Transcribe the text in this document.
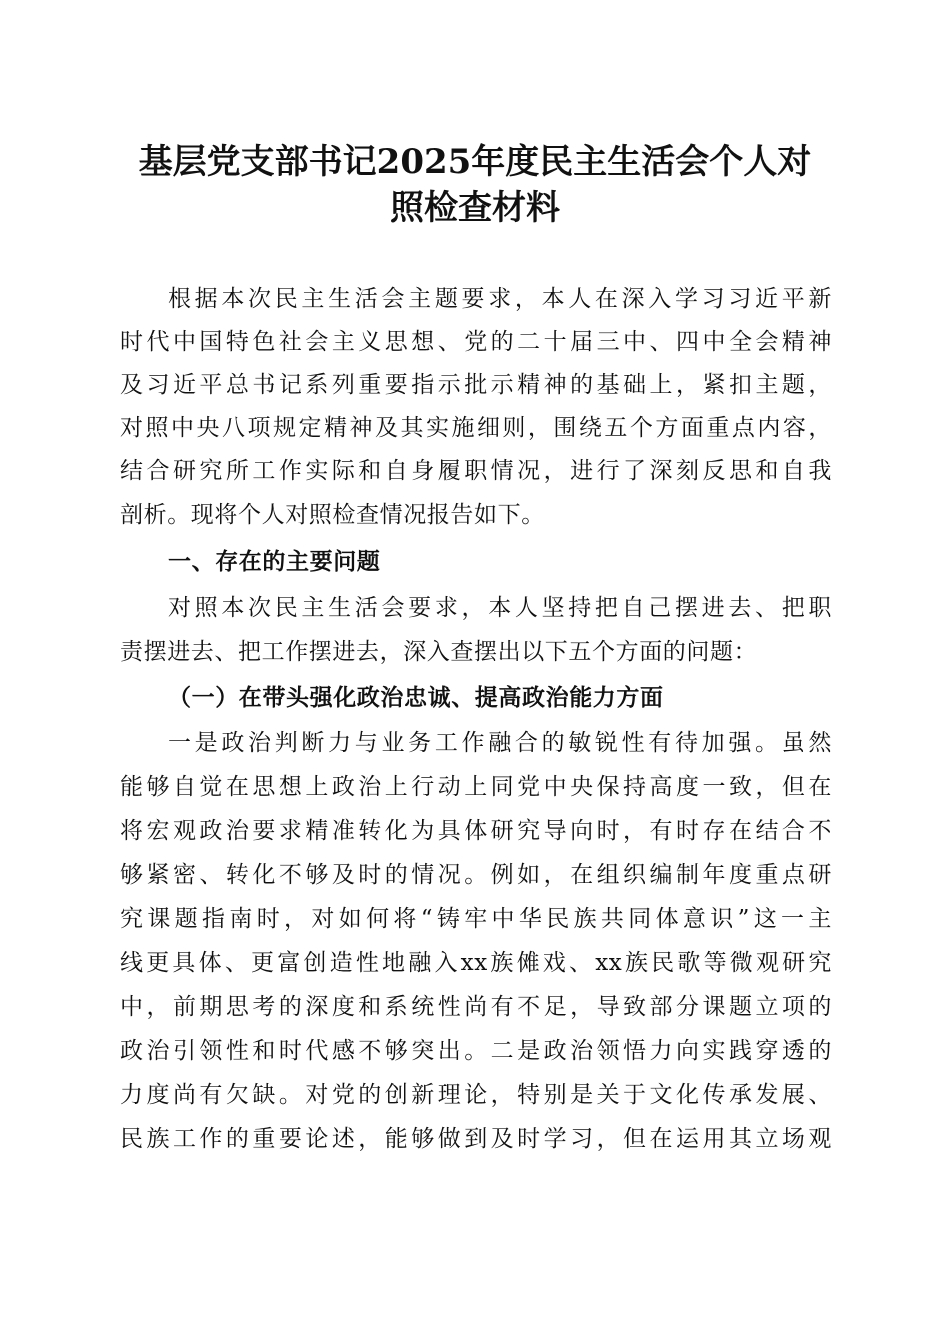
基层党支部书记2025年度民主生活会个人对
照检查材料

根据本次民主生活会主题要求，本人在深入学习习近平新

时代中国特色社会主义思想、党的二十届三中、四中全会精神

及习近平总书记系列重要指示批示精神的基础上，紧扣主题，

对照中央八项规定精神及其实施细则，围绕五个方面重点内容，

结合研究所工作实际和自身履职情况，进行了深刻反思和自我

剖析。现将个人对照检查情况报告如下。

一、存在的主要问题

对照本次民主生活会要求，本人坚持把自己摆进去、把职

责摆进去、把工作摆进去，深入查摆出以下五个方面的问题：

（一）在带头强化政治忠诚、提高政治能力方面

一是政治判断力与业务工作融合的敏锐性有待加强。虽然

能够自觉在思想上政治上行动上同党中央保持高度一致，但在

将宏观政治要求精准转化为具体研究导向时，有时存在结合不

够紧密、转化不够及时的情况。例如，在组织编制年度重点研

究课题指南时，对如何将“铸牢中华民族共同体意识”这一主

线更具体、更富创造性地融入xx族傩戏、xx族民歌等微观研究

中，前期思考的深度和系统性尚有不足，导致部分课题立项的

政治引领性和时代感不够突出。二是政治领悟力向实践穿透的

力度尚有欠缺。对党的创新理论，特别是关于文化传承发展、

民族工作的重要论述，能够做到及时学习，但在运用其立场观
